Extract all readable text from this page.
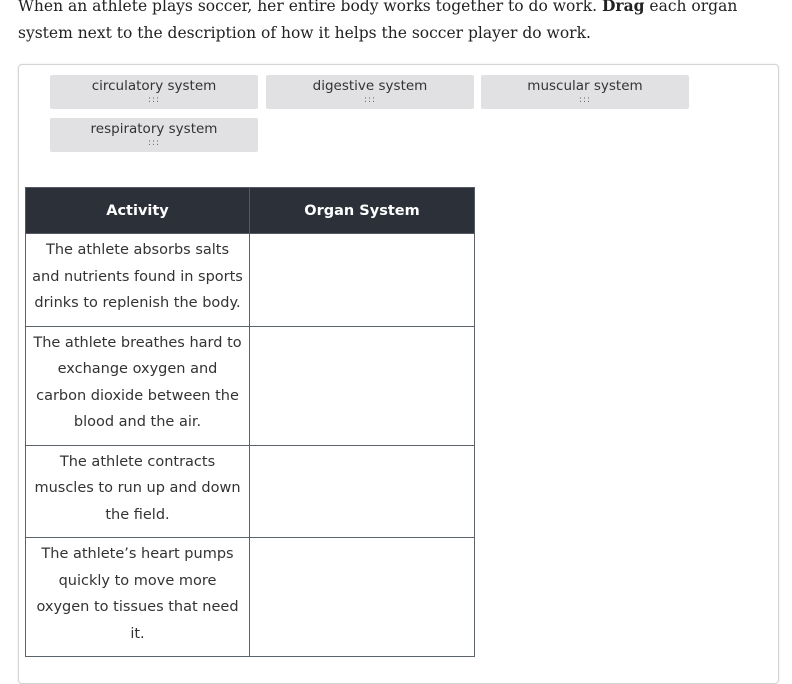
When an athlete plays soccer, her entire body works together to do work. Drag each organ system next to the description of how it helps the soccer player do work.
circulatory system
:::
digestive system
:::
muscular system
:::
respiratory system
:::
Activity	Organ System
The athlete absorbs salts and nutrients found in sports drinks to replenish the body.	
The athlete breathes hard to exchange oxygen and carbon dioxide between the blood and the air.	
The athlete contracts muscles to run up and down the field.	
The athlete’s heart pumps quickly to move more oxygen to tissues that need it.	
